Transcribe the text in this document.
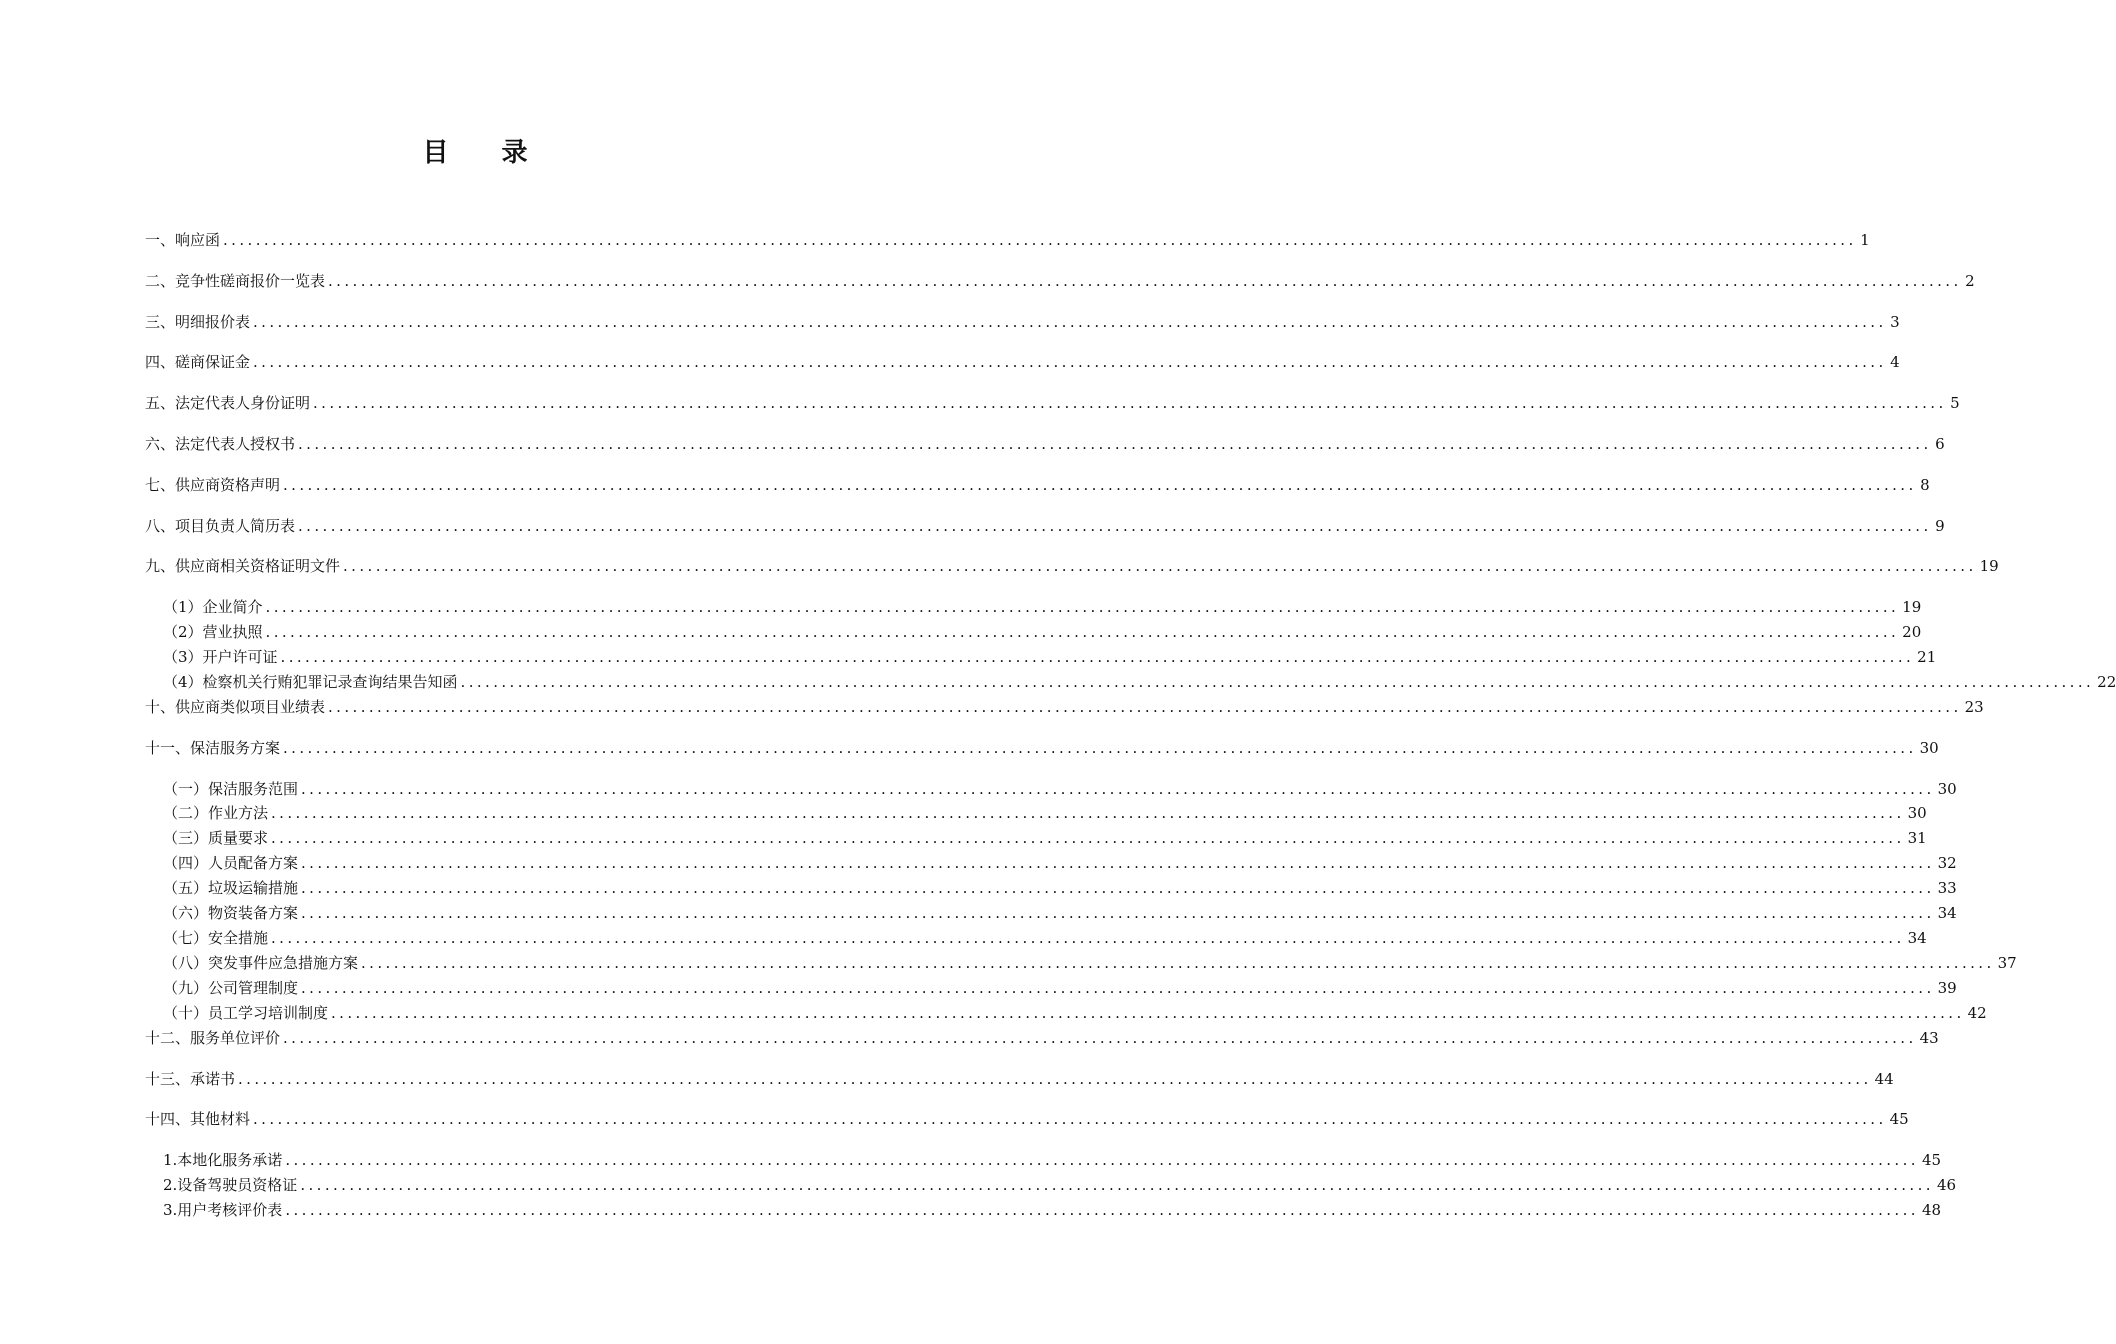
目 录
一、响应函 ........................................................................................................................................................................................................ 1
二、竞争性磋商报价一览表 ........................................................................................................................................................................................................ 2
三、明细报价表 ........................................................................................................................................................................................................ 3
四、磋商保证金 ........................................................................................................................................................................................................ 4
五、法定代表人身份证明 ........................................................................................................................................................................................................ 5
六、法定代表人授权书 ........................................................................................................................................................................................................ 6
七、供应商资格声明 ........................................................................................................................................................................................................ 8
八、项目负责人简历表 ........................................................................................................................................................................................................ 9
九、供应商相关资格证明文件 ........................................................................................................................................................................................................ 19
（1）企业简介 ........................................................................................................................................................................................................ 19
（2）营业执照 ........................................................................................................................................................................................................ 20
（3）开户许可证 ........................................................................................................................................................................................................ 21
（4）检察机关行贿犯罪记录查询结果告知函 ........................................................................................................................................................................................................ 22
十、供应商类似项目业绩表 ........................................................................................................................................................................................................ 23
十一、保洁服务方案 ........................................................................................................................................................................................................ 30
（一）保洁服务范围 ........................................................................................................................................................................................................ 30
（二）作业方法 ........................................................................................................................................................................................................ 30
（三）质量要求 ........................................................................................................................................................................................................ 31
（四）人员配备方案 ........................................................................................................................................................................................................ 32
（五）垃圾运输措施 ........................................................................................................................................................................................................ 33
（六）物资装备方案 ........................................................................................................................................................................................................ 34
（七）安全措施 ........................................................................................................................................................................................................ 34
（八）突发事件应急措施方案 ........................................................................................................................................................................................................ 37
（九）公司管理制度 ........................................................................................................................................................................................................ 39
（十）员工学习培训制度 ........................................................................................................................................................................................................ 42
十二、服务单位评价 ........................................................................................................................................................................................................ 43
十三、承诺书 ........................................................................................................................................................................................................ 44
十四、其他材料 ........................................................................................................................................................................................................ 45
1.本地化服务承诺 ........................................................................................................................................................................................................ 45
2.设备驾驶员资格证 ........................................................................................................................................................................................................ 46
3.用户考核评价表 ........................................................................................................................................................................................................ 48
